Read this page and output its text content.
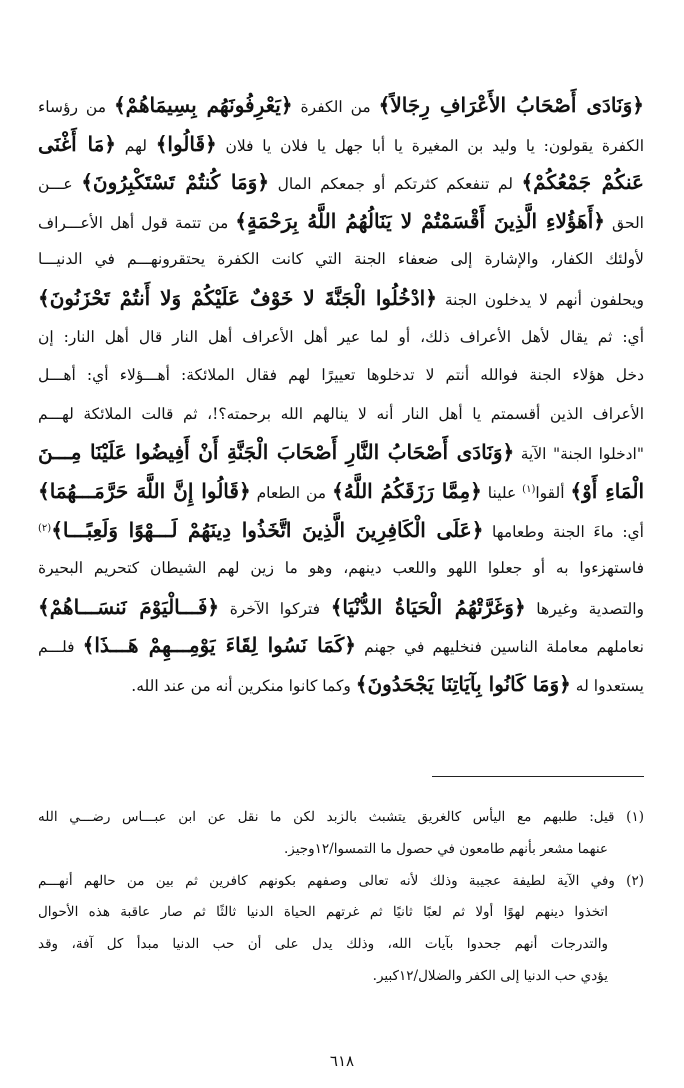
﴿وَنَادَى أَصْحَابُ الأَعْرَافِ رِجَالاً﴾ من الكفرة ﴿يَعْرِفُونَهُم بِسِيمَاهُمْ﴾ من رؤساء
الكفرة يقولون: يا وليد بن المغيرة يا أبا جهل يا فلان يا فلان ﴿قَالُوا﴾ لهم ﴿مَا أَغْنَى
عَنكُمْ جَمْعُكُمْ﴾ لم تنفعكم كثرتكم أو جمعكم المال ﴿وَمَا كُنتُمْ تَسْتَكْبِرُونَ﴾ عـــن
الحق ﴿أَهَؤُلاءِ الَّذِينَ أَقْسَمْتُمْ لا يَنَالُهُمُ اللَّهُ بِرَحْمَةٍ﴾ من تتمة قول أهل الأعـــراف
لأولئك الكفار، والإشارة إلى ضعفاء الجنة التي كانت الكفرة يحتقرونهـــم في الدنيـــا
ويحلفون أنهم لا يدخلون الجنة ﴿ادْخُلُوا الْجَنَّةَ لا خَوْفٌ عَلَيْكُمْ وَلا أَنتُمْ تَحْزَنُونَ﴾
أي: ثم يقال لأهل الأعراف ذلك، أو لما عير أهل الأعراف أهل النار قال أهل النار: إن
دخل هؤلاء الجنة فوالله أنتم لا تدخلوها تعييرًا لهم فقال الملائكة: أهـــؤلاء أي: أهـــل
الأعراف الذين أقسمتم يا أهل النار أنه لا ينالهم الله برحمته؟!، ثم قالت الملائكة لهـــم
"ادخلوا الجنة" الآية ﴿وَنَادَى أَصْحَابُ النَّارِ أَصْحَابَ الْجَنَّةِ أَنْ أَفِيضُوا عَلَيْنَا مِـــنَ
الْمَاءِ أَوْ﴾ ألقوا$^{(١)}$ علينا ﴿مِمَّا رَزَقَكُمُ اللَّهُ﴾ من الطعام ﴿قَالُوا إِنَّ اللَّهَ حَرَّمَـــهُمَا﴾
أي: ماءَ الجنة وطعامها ﴿عَلَى الْكَافِرِينَ الَّذِينَ اتَّخَذُوا دِينَهُمْ لَـــهْوًا وَلَعِبًـــا﴾$^{(٢)}$
فاستهزءوا به أو جعلوا اللهو واللعب دينهم، وهو ما زين لهم الشيطان كتحريم البحيرة
والتصدية وغيرها ﴿وَغَرَّتْهُمُ الْحَيَاةُ الدُّنْيَا﴾ فتركوا الآخرة ﴿فَـــالْيَوْمَ نَنسَـــاهُمْ﴾
نعاملهم معاملة الناسين فنخليهم في جهنم ﴿كَمَا نَسُوا لِقَاءَ يَوْمِـــهِمْ هَـــذَا﴾ فلـــم
يستعدوا له ﴿وَمَا كَانُوا بِآيَاتِنَا يَجْحَدُونَ﴾ وكما كانوا منكرين أنه من عند الله.
(١) قيل: طلبهم مع اليأس كالغريق يتشبث بالزبد لكن ما نقل عن ابن عبـــاس رضـــي الله
عنهما مشعر بأنهم طامعون في حصول ما التمسوا/١٢وجيز.
(٢) وفي الآية لطيفة عجيبة وذلك لأنه تعالى وصفهم بكونهم كافرين ثم بين من حالهم أنهـــم
اتخذوا دينهم لهوًا أولا ثم لعبًا ثانيًا ثم غرتهم الحياة الدنيا ثالثًا ثم صار عاقبة هذه الأحوال
والتدرجات أنهم جحدوا بآيات الله، وذلك يدل على أن حب الدنيا مبدأ كل آفة، وقد
يؤدي حب الدنيا إلى الكفر والضلال/١٢كبير.
٦١٨
